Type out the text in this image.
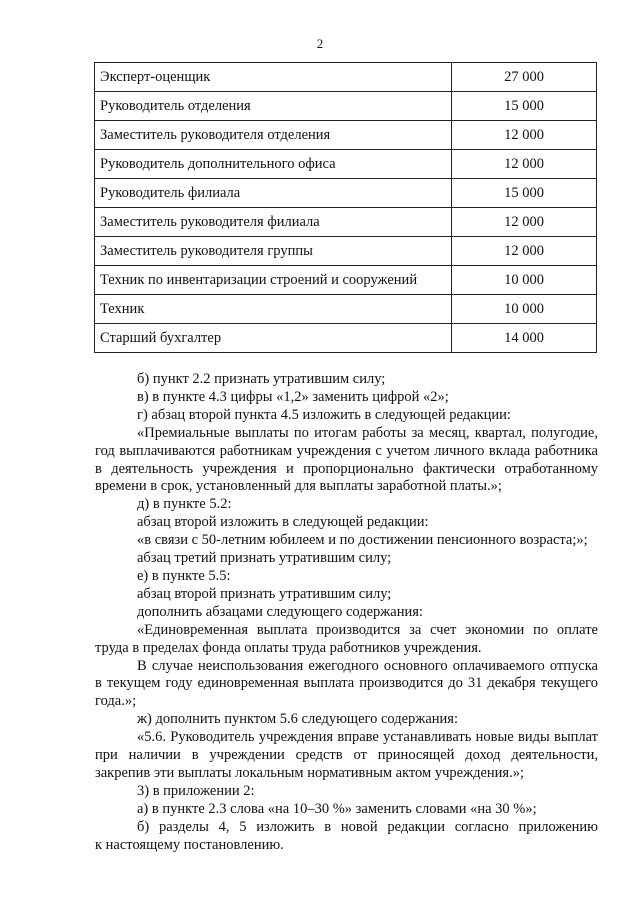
2
Эксперт-оценщик	27 000
Руководитель отделения	15 000
Заместитель руководителя отделения	12 000
Руководитель дополнительного офиса	12 000
Руководитель филиала	15 000
Заместитель руководителя филиала	12 000
Заместитель руководителя группы	12 000
Техник по инвентаризации строений и сооружений	10 000
Техник	10 000
Старший бухгалтер	14 000

б) пункт 2.2 признать утратившим силу;

в) в пункте 4.3 цифры «1,2» заменить цифрой «2»;

г) абзац второй пункта 4.5 изложить в следующей редакции:

«Премиальные выплаты по итогам работы за месяц, квартал, полугодие,

год выплачиваются работникам учреждения с учетом личного вклада работника

в деятельность учреждения и пропорционально фактически отработанному

времени в срок, установленный для выплаты заработной платы.»;

д) в пункте 5.2:

абзац второй изложить в следующей редакции:

«в связи с 50-летним юбилеем и по достижении пенсионного возраста;»;

абзац третий признать утратившим силу;

е) в пункте 5.5:

абзац второй признать утратившим силу;

дополнить абзацами следующего содержания:

«Единовременная выплата производится за счет экономии по оплате

труда в пределах фонда оплаты труда работников учреждения.

В случае неиспользования ежегодного основного оплачиваемого отпуска

в текущем году единовременная выплата производится до 31 декабря текущего

года.»;

ж) дополнить пунктом 5.6 следующего содержания:

«5.6. Руководитель учреждения вправе устанавливать новые виды выплат

при наличии в учреждении средств от приносящей доход деятельности,

закрепив эти выплаты локальным нормативным актом учреждения.»;

3) в приложении 2:

а) в пункте 2.3 слова «на 10–30 %» заменить словами «на 30 %»;

б) разделы 4, 5 изложить в новой редакции согласно приложению

к настоящему постановлению.
